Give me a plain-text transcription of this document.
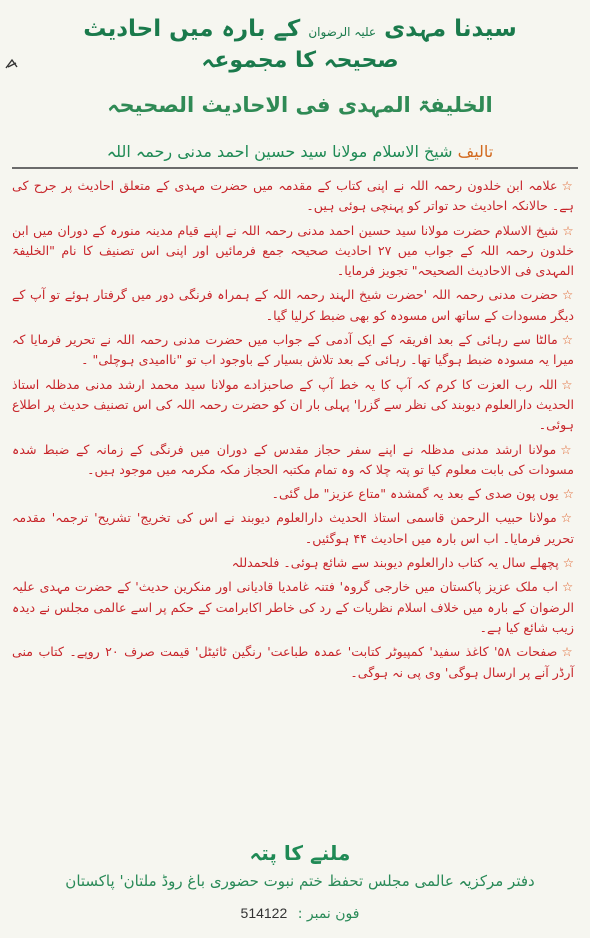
سیدنا مہدی علیہ الرضوان کے بارہ میں احادیث
صحیحہ کا مجموعہ
الخلیفۃ المہدی فی الاحادیث الصحیحہ
تالیف شیخ الاسلام مولانا سید حسین احمد مدنی رحمہ اللہ

☆علامہ ابن خلدون رحمہ اللہ نے اپنی کتاب کے مقدمہ میں حضرت مہدی کے متعلق احادیث پر جرح کی ہے۔ حالانکہ احادیث حد تواتر کو پہنچی ہوئی ہیں۔

☆شیخ الاسلام حضرت مولانا سید حسین احمد مدنی رحمہ اللہ نے اپنے قیام مدینہ منورہ کے دوران میں ابن خلدون رحمہ اللہ کے جواب میں ۲۷ احادیث صحیحہ جمع فرمائیں اور اپنی اس تصنیف کا نام "الخلیفۃ المہدی فی الاحادیث الصحیحہ" تجویز فرمایا۔

☆حضرت مدنی رحمہ اللہ 'حضرت شیخ الہند رحمہ اللہ کے ہمراہ فرنگی دور میں گرفتار ہوئے تو آپ کے دیگر مسودات کے ساتھ اس مسودہ کو بھی ضبط کرلیا گیا۔

☆مالٹا سے رہائی کے بعد افریقہ کے ایک آدمی کے جواب میں حضرت مدنی رحمہ اللہ نے تحریر فرمایا کہ میرا یہ مسودہ ضبط ہوگیا تھا۔ رہائی کے بعد تلاش بسیار کے باوجود اب تو "ناامیدی ہوچلی" ۔

☆اللہ رب العزت کا کرم کہ آپ کا یہ خط آپ کے صاحبزادے مولانا سید محمد ارشد مدنی مدظلہ استاذ الحدیث دارالعلوم دیوبند کی نظر سے گزرا' پہلی بار ان کو حضرت رحمہ اللہ کی اس تصنیف حدیث پر اطلاع ہوئی۔

☆مولانا ارشد مدنی مدظلہ نے اپنے سفر حجاز مقدس کے دوران میں فرنگی کے زمانہ کے ضبط شدہ مسودات کی بابت معلوم کیا تو پتہ چلا کہ وہ تمام مکتبہ الحجاز مکہ مکرمہ میں موجود ہیں۔

☆یوں پون صدی کے بعد یہ گمشدہ "متاع عزیز" مل گئی۔

☆مولانا حبیب الرحمن قاسمی استاذ الحدیث دارالعلوم دیوبند نے اس کی تخریج' تشریح' ترجمہ' مقدمہ تحریر فرمایا۔ اب اس بارہ میں احادیث ۴۴ ہوگئیں۔

☆پچھلے سال یہ کتاب دارالعلوم دیوبند سے شائع ہوئی۔ فلحمدللہ

☆اب ملک عزیز پاکستان میں خارجی گروہ' فتنہ غامدیا قادیانی اور منکرین حدیث' کے حضرت مہدی علیہ الرضوان کے بارہ میں خلاف اسلام نظریات کے رد کی خاطر اکابرامت کے حکم پر اسے عالمی مجلس نے دیدہ زیب شائع کیا ہے۔

☆صفحات ۵۸' کاغذ سفید' کمپیوٹر کتابت' عمدہ طباعت' رنگین ٹائیٹل' قیمت صرف ۲۰ روپے۔ کتاب منی آرڈر آنے پر ارسال ہوگی' وی پی نہ ہوگی۔

ملنے کا پتہ
دفتر مرکزیہ عالمی مجلس تحفظ ختم نبوت حضوری باغ روڈ ملتان' پاکستان
فون نمبر : 514122
